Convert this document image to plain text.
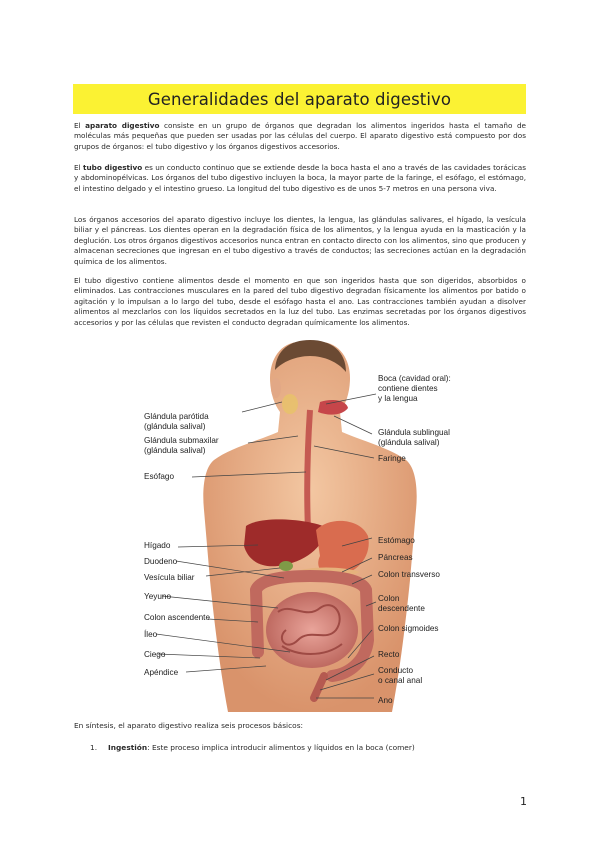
Generalidades del aparato digestivo

El aparato digestivo consiste en un grupo de órganos que degradan los alimentos ingeridos hasta el tamaño de moléculas más pequeñas que pueden ser usadas por las células del cuerpo. El aparato digestivo está compuesto por dos grupos de órganos: el tubo digestivo y los órganos digestivos accesorios.

El tubo digestivo es un conducto continuo que se extiende desde la boca hasta el ano a través de las cavidades torácicas y abdominopélvicas. Los órganos del tubo digestivo incluyen la boca, la mayor parte de la faringe, el esófago, el estómago, el intestino delgado y el intestino grueso. La longitud del tubo digestivo es de unos 5-7 metros en una persona viva.

Los órganos accesorios del aparato digestivo incluye los dientes, la lengua, las glándulas salivares, el hígado, la vesícula biliar y el páncreas. Los dientes operan en la degradación física de los alimentos, y la lengua ayuda en la masticación y la deglución. Los otros órganos digestivos accesorios nunca entran en contacto directo con los alimentos, sino que producen y almacenan secreciones que ingresan en el tubo digestivo a través de conductos; las secreciones actúan en la degradación química de los alimentos.

El tubo digestivo contiene alimentos desde el momento en que son ingeridos hasta que son digeridos, absorbidos o eliminados. Las contracciones musculares en la pared del tubo digestivo degradan físicamente los alimentos por batido o agitación y lo impulsan a lo largo del tubo, desde el esófago hasta el ano. Las contracciones también ayudan a disolver alimentos al mezclarlos con los líquidos secretados en la luz del tubo. Las enzimas secretadas por los órganos digestivos accesorios y por las células que revisten el conducto degradan químicamente los alimentos.

Glándula parótida
(glándula salival)
Glándula submaxilar
(glándula salival)
Esófago
Hígado
Duodeno
Vesícula biliar
Yeyuno
Colon ascendente
Íleo
Ciego
Apéndice
Boca (cavidad oral):
contiene dientes
y la lengua
Glándula sublingual
(glándula salival)
Faringe
Estómago
Páncreas
Colon transverso
Colon
descendente
Colon sigmoides
Recto
Conducto
o canal anal
Ano

En síntesis, el aparato digestivo realiza seis procesos básicos:

1. Ingestión: Este proceso implica introducir alimentos y líquidos en la boca (comer)

1
